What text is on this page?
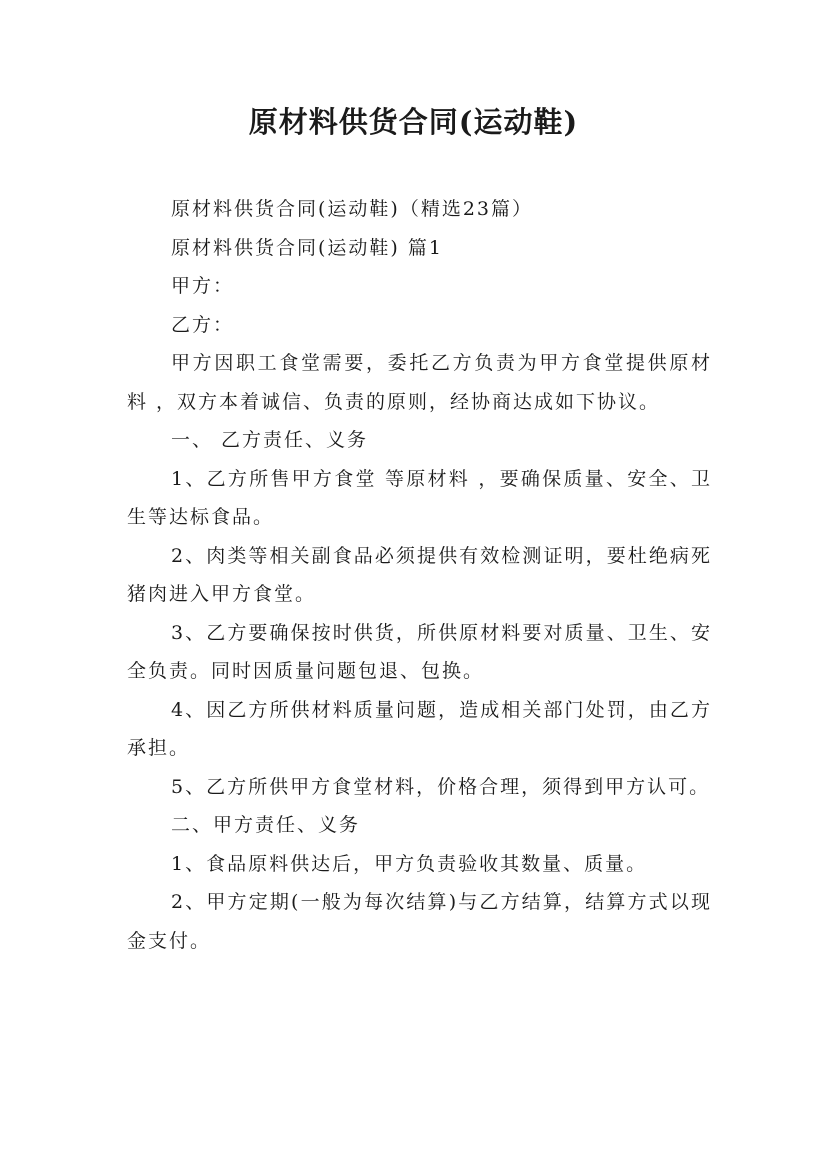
原材料供货合同(运动鞋)

原材料供货合同(运动鞋)（精选23篇）

原材料供货合同(运动鞋) 篇1

甲方：

乙方：

甲方因职工食堂需要，委托乙方负责为甲方食堂提供原材料 ，双方本着诚信、负责的原则，经协商达成如下协议。

一、 乙方责任、义务

1、乙方所售甲方食堂 等原材料 ，要确保质量、安全、卫生等达标食品。

2、肉类等相关副食品必须提供有效检测证明，要杜绝病死猪肉进入甲方食堂。

3、乙方要确保按时供货，所供原材料要对质量、卫生、安全负责。同时因质量问题包退、包换。

4、因乙方所供材料质量问题，造成相关部门处罚，由乙方承担。

5、乙方所供甲方食堂材料，价格合理，须得到甲方认可。

二、甲方责任、义务

1、食品原料供达后，甲方负责验收其数量、质量。

2、甲方定期(一般为每次结算)与乙方结算，结算方式以现金支付。
